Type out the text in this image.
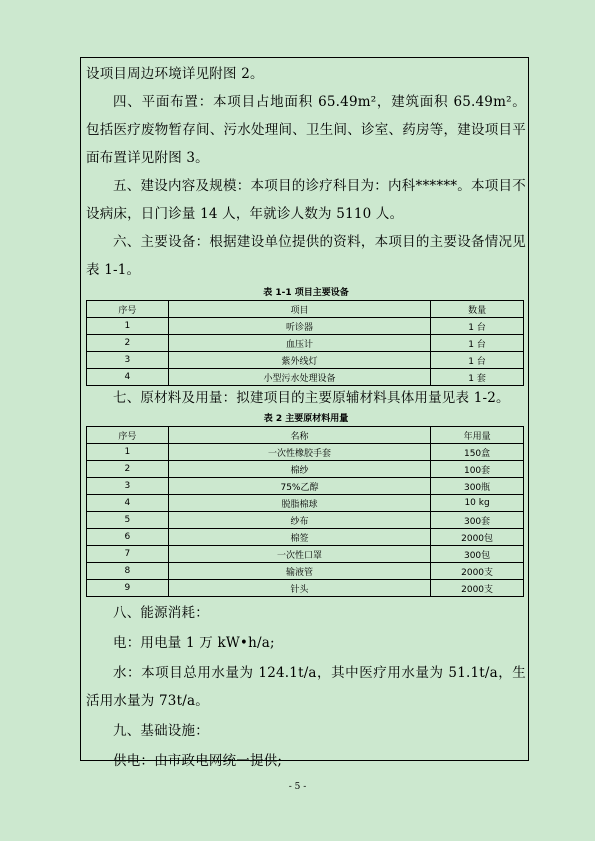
设项目周边环境详见附图 2。

四、平面布置：本项目占地面积 65.49m²，建筑面积 65.49m²。包括医疗废物暂存间、污水处理间、卫生间、诊室、药房等，建设项目平面布置详见附图 3。

五、建设内容及规模：本项目的诊疗科目为：内科******。本项目不设病床，日门诊量 14 人，年就诊人数为 5110 人。

六、主要设备：根据建设单位提供的资料，本项目的主要设备情况见表 1-1。

表 1-1 项目主要设备
序号	项目	数量
1	听诊器	1 台
2	血压计	1 台
3	紫外线灯	1 台
4	小型污水处理设备	1 套

七、原材料及用量：拟建项目的主要原辅材料具体用量见表 1-2。

表 2 主要原材料用量
序号	名称	年用量
1	一次性橡胶手套	150盒
2	棉纱	100套
3	75%乙醇	300瓶
4	脱脂棉球	10 kg
5	纱布	300套
6	棉签	2000包
7	一次性口罩	300包
8	输液管	2000支
9	针头	2000支

八、能源消耗：

电：用电量 1 万 kW•h/a;

水：本项目总用水量为 124.1t/a，其中医疗用水量为 51.1t/a，生活用水量为 73t/a。

九、基础设施：

供电：由市政电网统一提供;

- 5 -
